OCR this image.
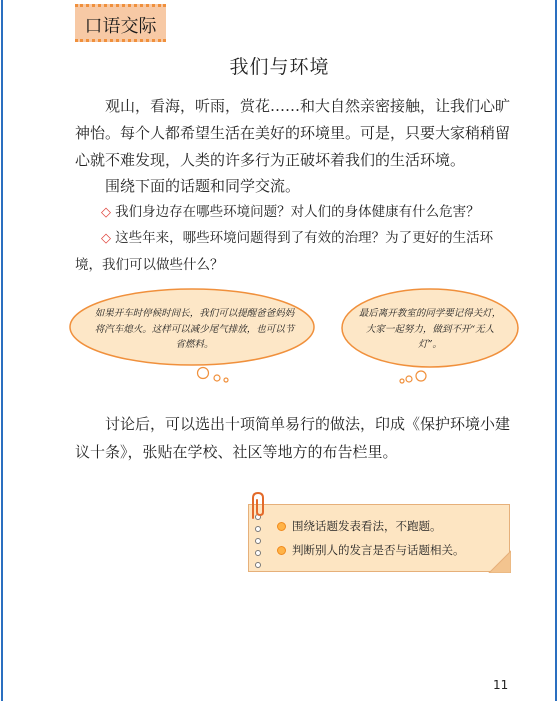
口语交际
我们与环境

观山，看海，听雨，赏花……和大自然亲密接触，让我们心旷神怡。每个人都希望生活在美好的环境里。可是，只要大家稍稍留心就不难发现，人类的许多行为正破坏着我们的生活环境。

围绕下面的话题和同学交流。

◇ 我们身边存在哪些环境问题？对人们的身体健康有什么危害？

◇ 这些年来，哪些环境问题得到了有效的治理？为了更好的生活环境，我们可以做些什么？

如果开车时停候时间长，我们可以提醒爸爸妈妈将汽车熄火。这样可以减少尾气排放，也可以节省燃料。
最后离开教室的同学要记得关灯，大家一起努力，做到不开“无人灯”。

讨论后，可以选出十项简单易行的做法，印成《保护环境小建议十条》，张贴在学校、社区等地方的布告栏里。

围绕话题发表看法，不跑题。
判断别人的发言是否与话题相关。
11
